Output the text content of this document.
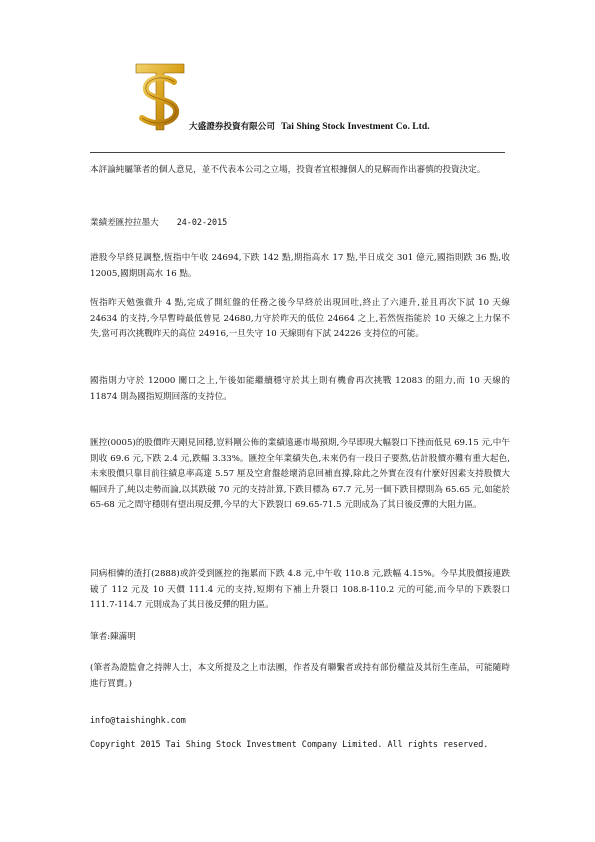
大盛證券投資有限公司 Tai Shing Stock Investment Co. Ltd.

本評論純屬筆者的個人意見，並不代表本公司之立場，投資者宜根據個人的見解而作出審慎的投資決定。

業績差匯控拉墨大 24-02-2015

港股今早終見調整,恆指中午收 24694,下跌 142 點,期指高水 17 點,半日成交 301 億元,國指則跌 36 點,收 12005,國期則高水 16 點。

恆指昨天勉強微升 4 點,完成了開紅盤的任務之後今早終於出現回吐,終止了六連升,並且再次下試 10 天線 24634 的支持,今早暫時最低曾見 24680,力守於昨天的低位 24664 之上,若然恆指能於 10 天線之上力保不失,當可再次挑戰昨天的高位 24916,一旦失守 10 天線則有下試 24226 支持位的可能。

國指則力守於 12000 關口之上,午後如能繼續穩守於其上則有機會再次挑戰 12083 的阻力,而 10 天線的 11874 則為國指短期回落的支持位。

匯控(0005)的股價昨天剛見回穩,豈料剛公佈的業績遠遜市場預期,今早即現大幅裂口下挫而低見 69.15 元,中午則收 69.6 元,下跌 2.4 元,跌幅 3.33%。匯控全年業績失色,未來仍有一段日子要熬,估計股價亦難有重大起色,未來股價只靠目前往績息率高達 5.57 厘及空倉盤趁壞消息回補直撐,除此之外實在沒有什麼好因素支持股價大幅回升了,純以走勢而論,以其跌破 70 元的支持計算,下跌目標為 67.7 元,另一個下跌目標則為 65.65 元,如能於 65-68 元之間守穩則有望出現反彈,今早的大下跌裂口 69.65-71.5 元則成為了其日後反彈的大阻力區。

同病相憐的渣打(2888)或許受到匯控的拖累而下跌 4.8 元,中午收 110.8 元,跌幅 4.15%。今早其股價接連跌破了 112 元及 10 天價 111.4 元的支持,短期有下補上升裂口 108.8-110.2 元的可能,而今早的下跌裂口 111.7-114.7 元則成為了其日後反彈的阻力區。

筆者:陳滿明

(筆者為證監會之持牌人士，本文所提及之上市法團，作者及有聯繫者或持有部份權益及其衍生產品，可能隨時進行買賣。)

info@taishinghk.com

Copyright 2015 Tai Shing Stock Investment Company Limited. All rights reserved.
